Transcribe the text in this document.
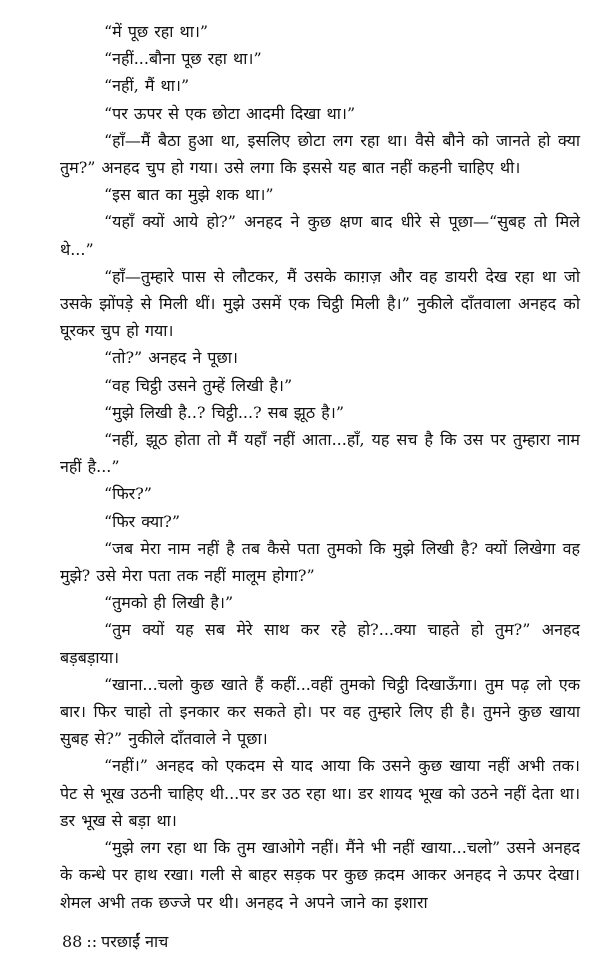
“में पूछ रहा था।”

“नहीं...बौना पूछ रहा था।”

“नहीं, मैं था।”

“पर ऊपर से एक छोटा आदमी दिखा था।”

“हाँ—मैं बैठा हुआ था, इसलिए छोटा लग रहा था। वैसे बौने को जानते हो क्या तुम?” अनहद चुप हो गया। उसे लगा कि इससे यह बात नहीं कहनी चाहिए थी।

“इस बात का मुझे शक था।”

“यहाँ क्यों आये हो?” अनहद ने कुछ क्षण बाद धीरे से पूछा—“सुबह तो मिले थे...”

“हाँ—तुम्हारे पास से लौटकर, मैं उसके काग़ज़ और वह डायरी देख रहा था जो उसके झोंपड़े से मिली थीं। मुझे उसमें एक चिट्ठी मिली है।” नुकीले दाँतवाला अनहद को घूरकर चुप हो गया।

“तो?” अनहद ने पूछा।

“वह चिट्ठी उसने तुम्हें लिखी है।”

“मुझे लिखी है..? चिट्ठी...? सब झूठ है।”

“नहीं, झूठ होता तो मैं यहाँ नहीं आता...हाँ, यह सच है कि उस पर तुम्हारा नाम नहीं है...”

“फिर?”

“फिर क्या?”

“जब मेरा नाम नहीं है तब कैसे पता तुमको कि मुझे लिखी है? क्यों लिखेगा वह मुझे? उसे मेरा पता तक नहीं मालूम होगा?”

“तुमको ही लिखी है।”

“तुम क्यों यह सब मेरे साथ कर रहे हो?...क्या चाहते हो तुम?” अनहद बड़बड़ाया।

“खाना...चलो कुछ खाते हैं कहीं...वहीं तुमको चिट्ठी दिखाऊँगा। तुम पढ़ लो एक बार। फिर चाहो तो इनकार कर सकते हो। पर वह तुम्हारे लिए ही है। तुमने कुछ खाया सुबह से?” नुकीले दाँतवाले ने पूछा।

“नहीं।” अनहद को एकदम से याद आया कि उसने कुछ खाया नहीं अभी तक। पेट से भूख उठनी चाहिए थी...पर डर उठ रहा था। डर शायद भूख को उठने नहीं देता था। डर भूख से बड़ा था।

“मुझे लग रहा था कि तुम खाओगे नहीं। मैंने भी नहीं खाया...चलो” उसने अनहद के कन्धे पर हाथ रखा। गली से बाहर सड़क पर कुछ क़दम आकर अनहद ने ऊपर देखा। शेमल अभी तक छज्जे पर थी। अनहद ने अपने जाने का इशारा

88 :: परछाईं नाच
